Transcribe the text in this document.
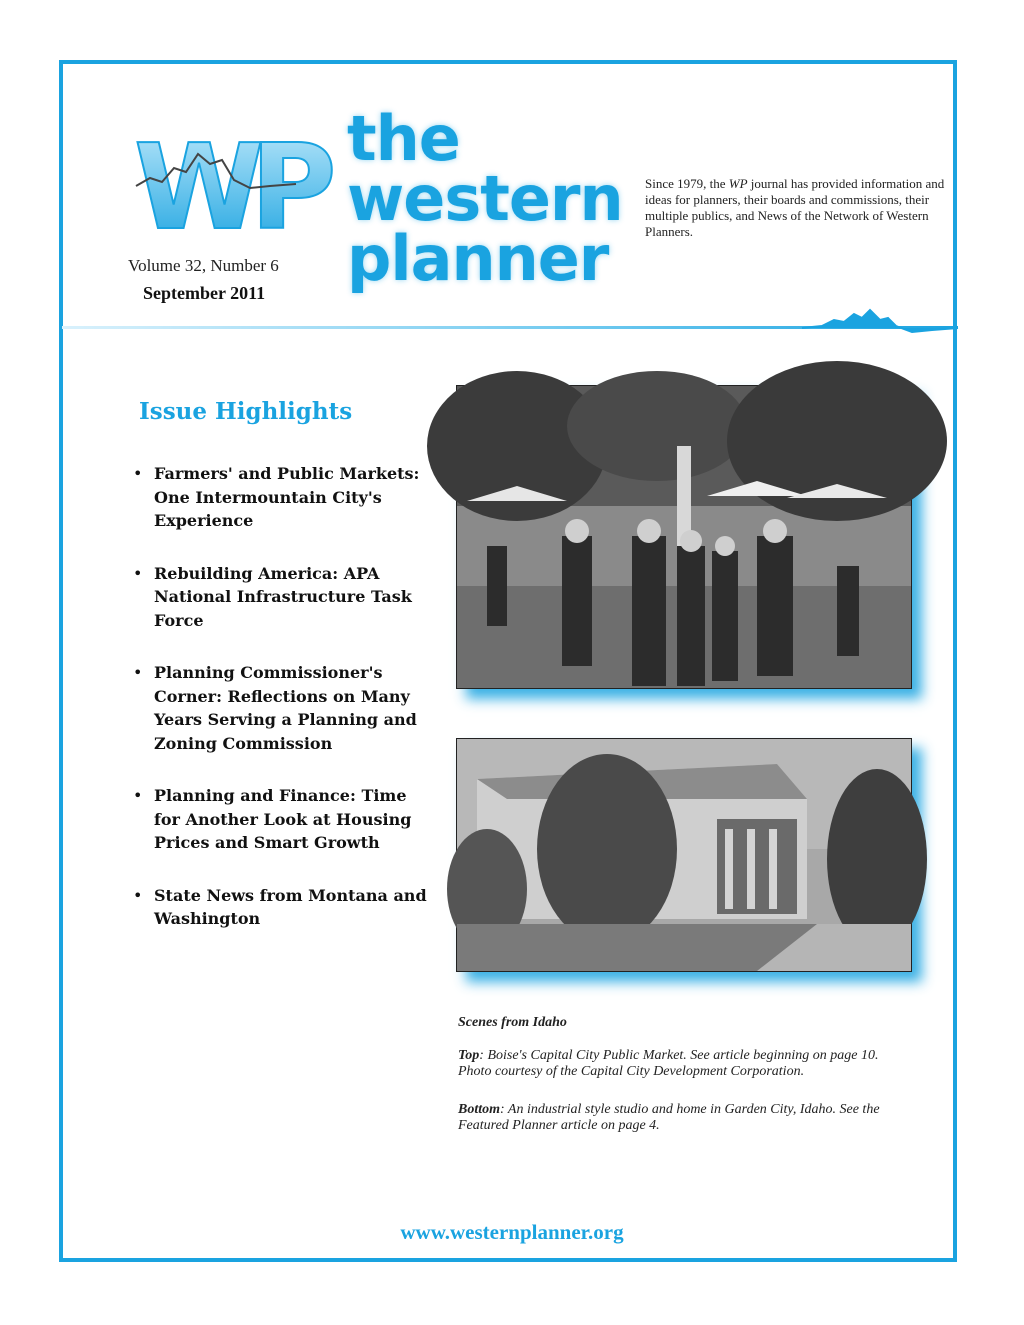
WP the
western
planner
Volume 32, Number 6
September 2011
Since 1979, the WP journal has provided information and ideas for planners, their boards and commissions, their multiple publics, and News of the Network of Western Planners.
Issue Highlights
• Farmers' and Public Markets: One Intermountain City's Experience
• Rebuilding America: APA National Infrastructure Task Force
• Planning Commissioner's Corner: Reflections on Many Years Serving a Planning and Zoning Commission
• Planning and Finance: Time for Another Look at Housing Prices and Smart Growth
• State News from Montana and Washington
Scenes from Idaho
Top: Boise's Capital City Public Market. See article beginning on page 10. Photo courtesy of the Capital City Development Corporation.
Bottom: An industrial style studio and home in Garden City, Idaho. See the Featured Planner article on page 4.
www.westernplanner.org
